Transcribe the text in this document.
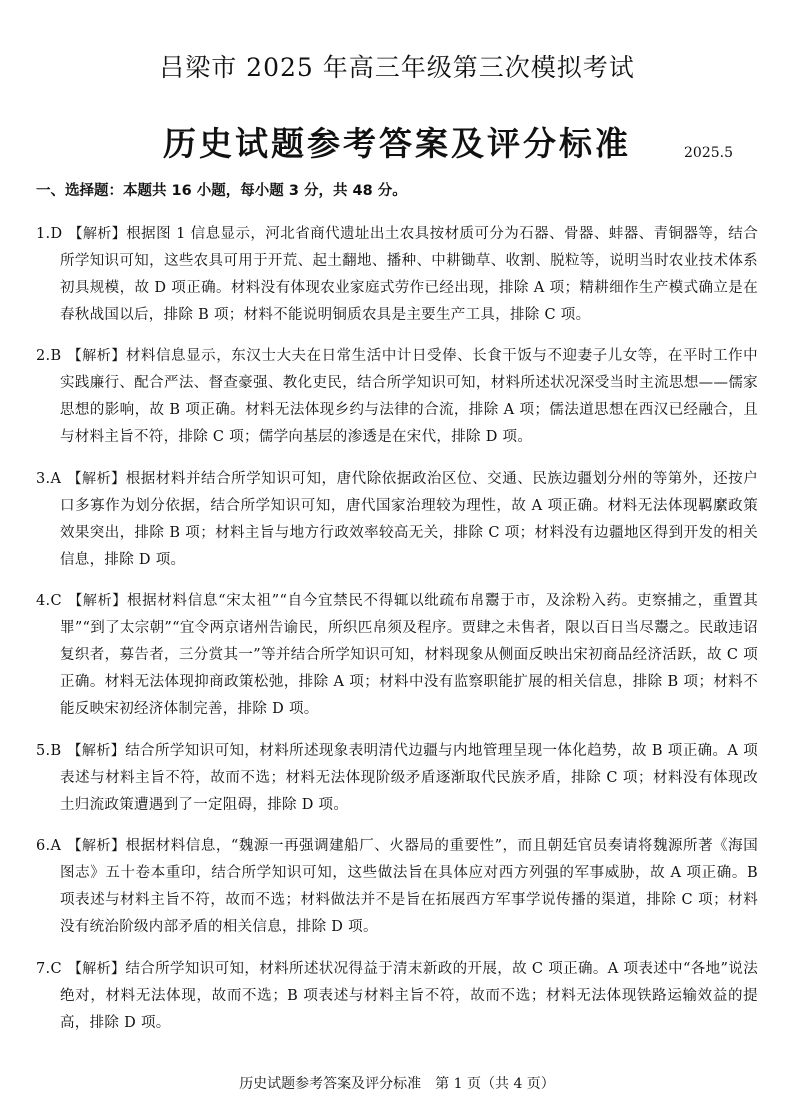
吕梁市 2025 年高三年级第三次模拟考试
历史试题参考答案及评分标准	2025.5
一、选择题：本题共 16 小题，每小题 3 分，共 48 分。

1.D 【解析】根据图 1 信息显示，河北省商代遗址出土农具按材质可分为石器、骨器、蚌器、青铜器等，结合所学知识可知，这些农具可用于开荒、起土翻地、播种、中耕锄草、收割、脱粒等，说明当时农业技术体系初具规模，故 D 项正确。材料没有体现农业家庭式劳作已经出现，排除 A 项；精耕细作生产模式确立是在春秋战国以后，排除 B 项；材料不能说明铜质农具是主要生产工具，排除 C 项。

2.B 【解析】材料信息显示，东汉士大夫在日常生活中计日受俸、长食干饭与不迎妻子儿女等，在平时工作中实践廉行、配合严法、督查豪强、教化吏民，结合所学知识可知，材料所述状况深受当时主流思想——儒家思想的影响，故 B 项正确。材料无法体现乡约与法律的合流，排除 A 项；儒法道思想在西汉已经融合，且与材料主旨不符，排除 C 项；儒学向基层的渗透是在宋代，排除 D 项。

3.A 【解析】根据材料并结合所学知识可知，唐代除依据政治区位、交通、民族边疆划分州的等第外，还按户口多寡作为划分依据，结合所学知识可知，唐代国家治理较为理性，故 A 项正确。材料无法体现羁縻政策效果突出，排除 B 项；材料主旨与地方行政效率较高无关，排除 C 项；材料没有边疆地区得到开发的相关信息，排除 D 项。

4.C 【解析】根据材料信息“宋太祖”“自今宜禁民不得辄以纰疏布帛鬻于市，及涂粉入药。吏察捕之，重置其罪”“到了太宗朝”“宜令两京诸州告谕民，所织匹帛须及程序。贾肆之未售者，限以百日当尽鬻之。民敢违诏复织者，募告者，三分赏其一”等并结合所学知识可知，材料现象从侧面反映出宋初商品经济活跃，故 C 项正确。材料无法体现抑商政策松弛，排除 A 项；材料中没有监察职能扩展的相关信息，排除 B 项；材料不能反映宋初经济体制完善，排除 D 项。

5.B 【解析】结合所学知识可知，材料所述现象表明清代边疆与内地管理呈现一体化趋势，故 B 项正确。A 项表述与材料主旨不符，故而不选；材料无法体现阶级矛盾逐渐取代民族矛盾，排除 C 项；材料没有体现改土归流政策遭遇到了一定阻碍，排除 D 项。

6.A 【解析】根据材料信息，“魏源一再强调建船厂、火器局的重要性”，而且朝廷官员奏请将魏源所著《海国图志》五十卷本重印，结合所学知识可知，这些做法旨在具体应对西方列强的军事威胁，故 A 项正确。B 项表述与材料主旨不符，故而不选；材料做法并不是旨在拓展西方军事学说传播的渠道，排除 C 项；材料没有统治阶级内部矛盾的相关信息，排除 D 项。

7.C 【解析】结合所学知识可知，材料所述状况得益于清末新政的开展，故 C 项正确。A 项表述中“各地”说法绝对，材料无法体现，故而不选；B 项表述与材料主旨不符，故而不选；材料无法体现铁路运输效益的提高，排除 D 项。

历史试题参考答案及评分标准　第 1 页（共 4 页）
